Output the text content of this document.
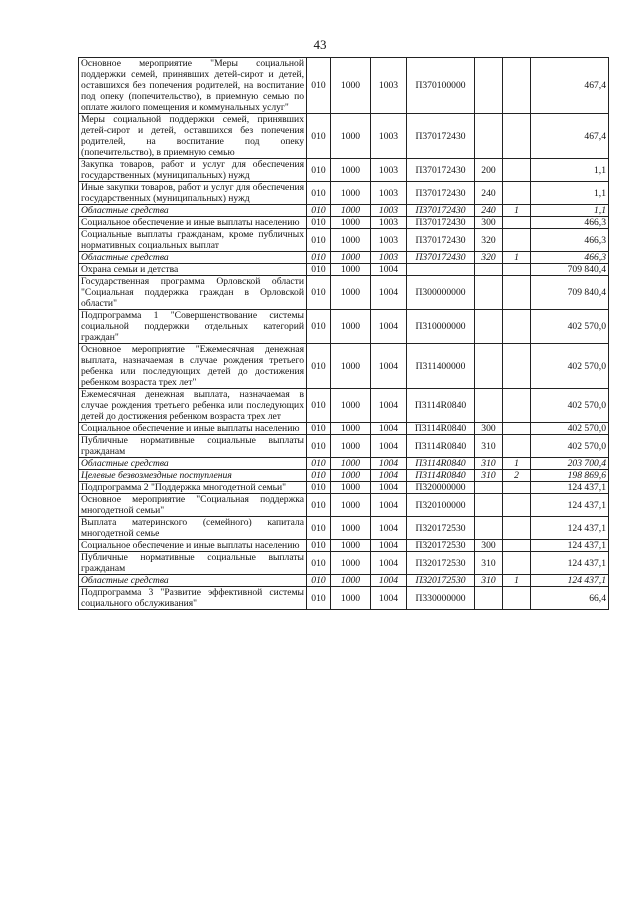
43
Основное мероприятие "Меры социальной поддержки семей, принявших детей-сирот и детей, оставшихся без попечения родителей, на воспитание под опеку (попечительство), в приемную семью по оплате жилого помещения и коммунальных услуг"	010	1000	1003	П370100000			467,4
Меры социальной поддержки семей, принявших детей-сирот и детей, оставшихся без попечения родителей, на воспитание под опеку (попечительство), в приемную семью	010	1000	1003	П370172430			467,4
Закупка товаров, работ и услуг для обеспечения государственных (муниципальных) нужд	010	1000	1003	П370172430	200		1,1
Иные закупки товаров, работ и услуг для обеспечения государственных (муниципальных) нужд	010	1000	1003	П370172430	240		1,1
Областные средства	010	1000	1003	П370172430	240	1	1,1
Социальное обеспечение и иные выплаты населению	010	1000	1003	П370172430	300		466,3
Социальные выплаты гражданам, кроме публичных нормативных социальных выплат	010	1000	1003	П370172430	320		466,3
Областные средства	010	1000	1003	П370172430	320	1	466,3
Охрана семьи и детства	010	1000	1004				709 840,4
Государственная программа Орловской области "Социальная поддержка граждан в Орловской области"	010	1000	1004	П300000000			709 840,4
Подпрограмма 1 "Совершенствование системы социальной поддержки отдельных категорий граждан"	010	1000	1004	П310000000			402 570,0
Основное мероприятие "Ежемесячная денежная выплата, назначаемая в случае рождения третьего ребенка или последующих детей до достижения ребенком возраста трех лет"	010	1000	1004	П311400000			402 570,0
Ежемесячная денежная выплата, назначаемая в случае рождения третьего ребенка или последующих детей до достижения ребенком возраста трех лет	010	1000	1004	П3114R0840			402 570,0
Социальное обеспечение и иные выплаты населению	010	1000	1004	П3114R0840	300		402 570,0
Публичные нормативные социальные выплаты гражданам	010	1000	1004	П3114R0840	310		402 570,0
Областные средства	010	1000	1004	П3114R0840	310	1	203 700,4
Целевые безвозмездные поступления	010	1000	1004	П3114R0840	310	2	198 869,6
Подпрограмма 2 "Поддержка многодетной семьи"	010	1000	1004	П320000000			124 437,1
Основное мероприятие "Социальная поддержка многодетной семьи"	010	1000	1004	П320100000			124 437,1
Выплата материнского (семейного) капитала многодетной семье	010	1000	1004	П320172530			124 437,1
Социальное обеспечение и иные выплаты населению	010	1000	1004	П320172530	300		124 437,1
Публичные нормативные социальные выплаты гражданам	010	1000	1004	П320172530	310		124 437,1
Областные средства	010	1000	1004	П320172530	310	1	124 437,1
Подпрограмма 3 "Развитие эффективной системы социального обслуживания"	010	1000	1004	П330000000			66,4
